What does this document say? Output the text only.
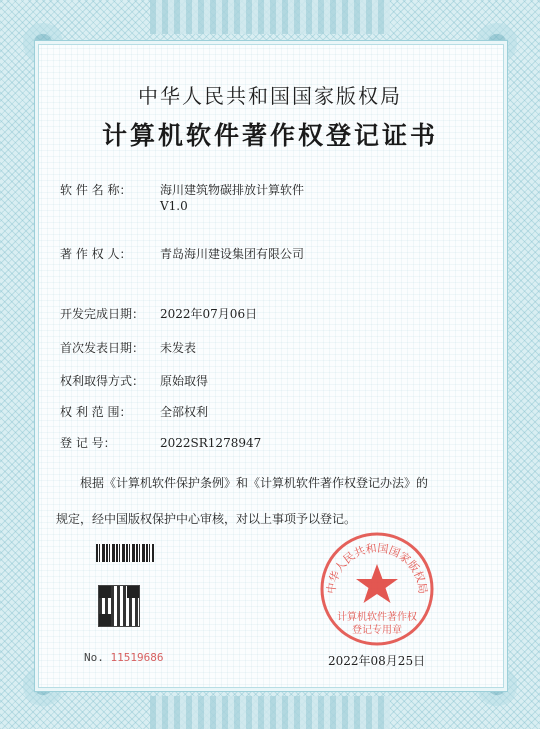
中华人民共和国国家版权局
计算机软件著作权登记证书
软 件 名 称： 海川建筑物碳排放计算软件
V1.0
著 作 权 人： 青岛海川建设集团有限公司
开发完成日期： 2022年07月06日
首次发表日期： 未发表
权利取得方式： 原始取得
权 利 范 围： 全部权利
登 记 号：	2022SR1278947
根据《计算机软件保护条例》和《计算机软件著作权登记办法》的
规定，经中国版权保护中心审核，对以上事项予以登记。
No. 11519686
中华人民共和国国家版权局
计算机软件著作权
登记专用章
2022年08月25日
